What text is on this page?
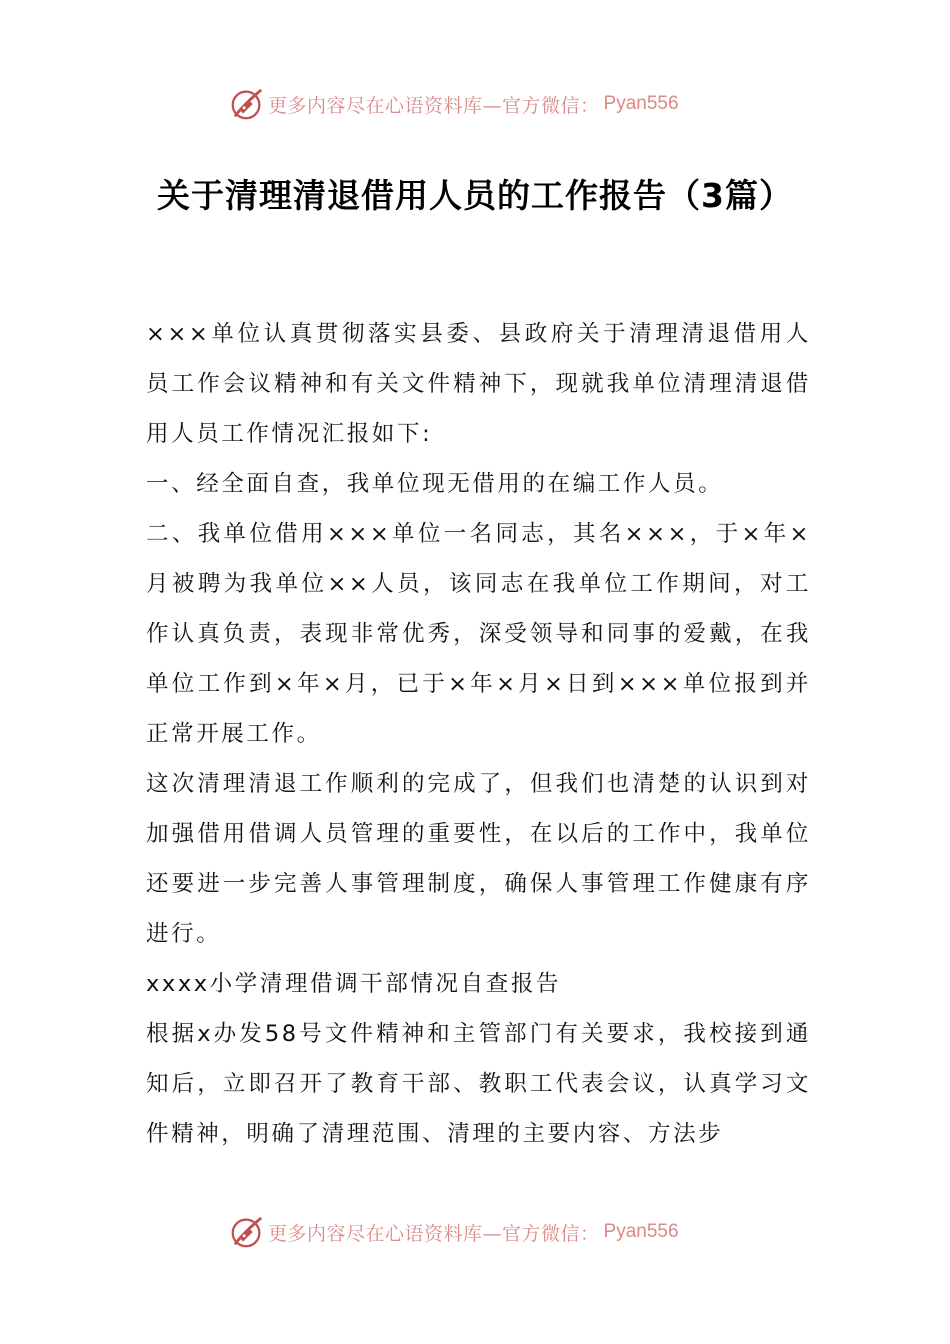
更多内容尽在心语资料库—官方微信： Pyan556
关于清理清退借用人员的工作报告（3篇）

×××单位认真贯彻落实县委、县政府关于清理清退借用人员工作会议精神和有关文件精神下，现就我单位清理清退借用人员工作情况汇报如下:

一、经全面自查，我单位现无借用的在编工作人员。

二、我单位借用×××单位一名同志，其名×××，于×年×月被聘为我单位××人员，该同志在我单位工作期间，对工作认真负责，表现非常优秀，深受领导和同事的爱戴，在我单位工作到×年×月，已于×年×月×日到×××单位报到并正常开展工作。

这次清理清退工作顺利的完成了，但我们也清楚的认识到对加强借用借调人员管理的重要性，在以后的工作中，我单位还要进一步完善人事管理制度，确保人事管理工作健康有序进行。

xxxx小学清理借调干部情况自查报告

根据x办发58号文件精神和主管部门有关要求，我校接到通知后，立即召开了教育干部、教职工代表会议，认真学习文件精神，明确了清理范围、清理的主要内容、方法步

更多内容尽在心语资料库—官方微信： Pyan556
